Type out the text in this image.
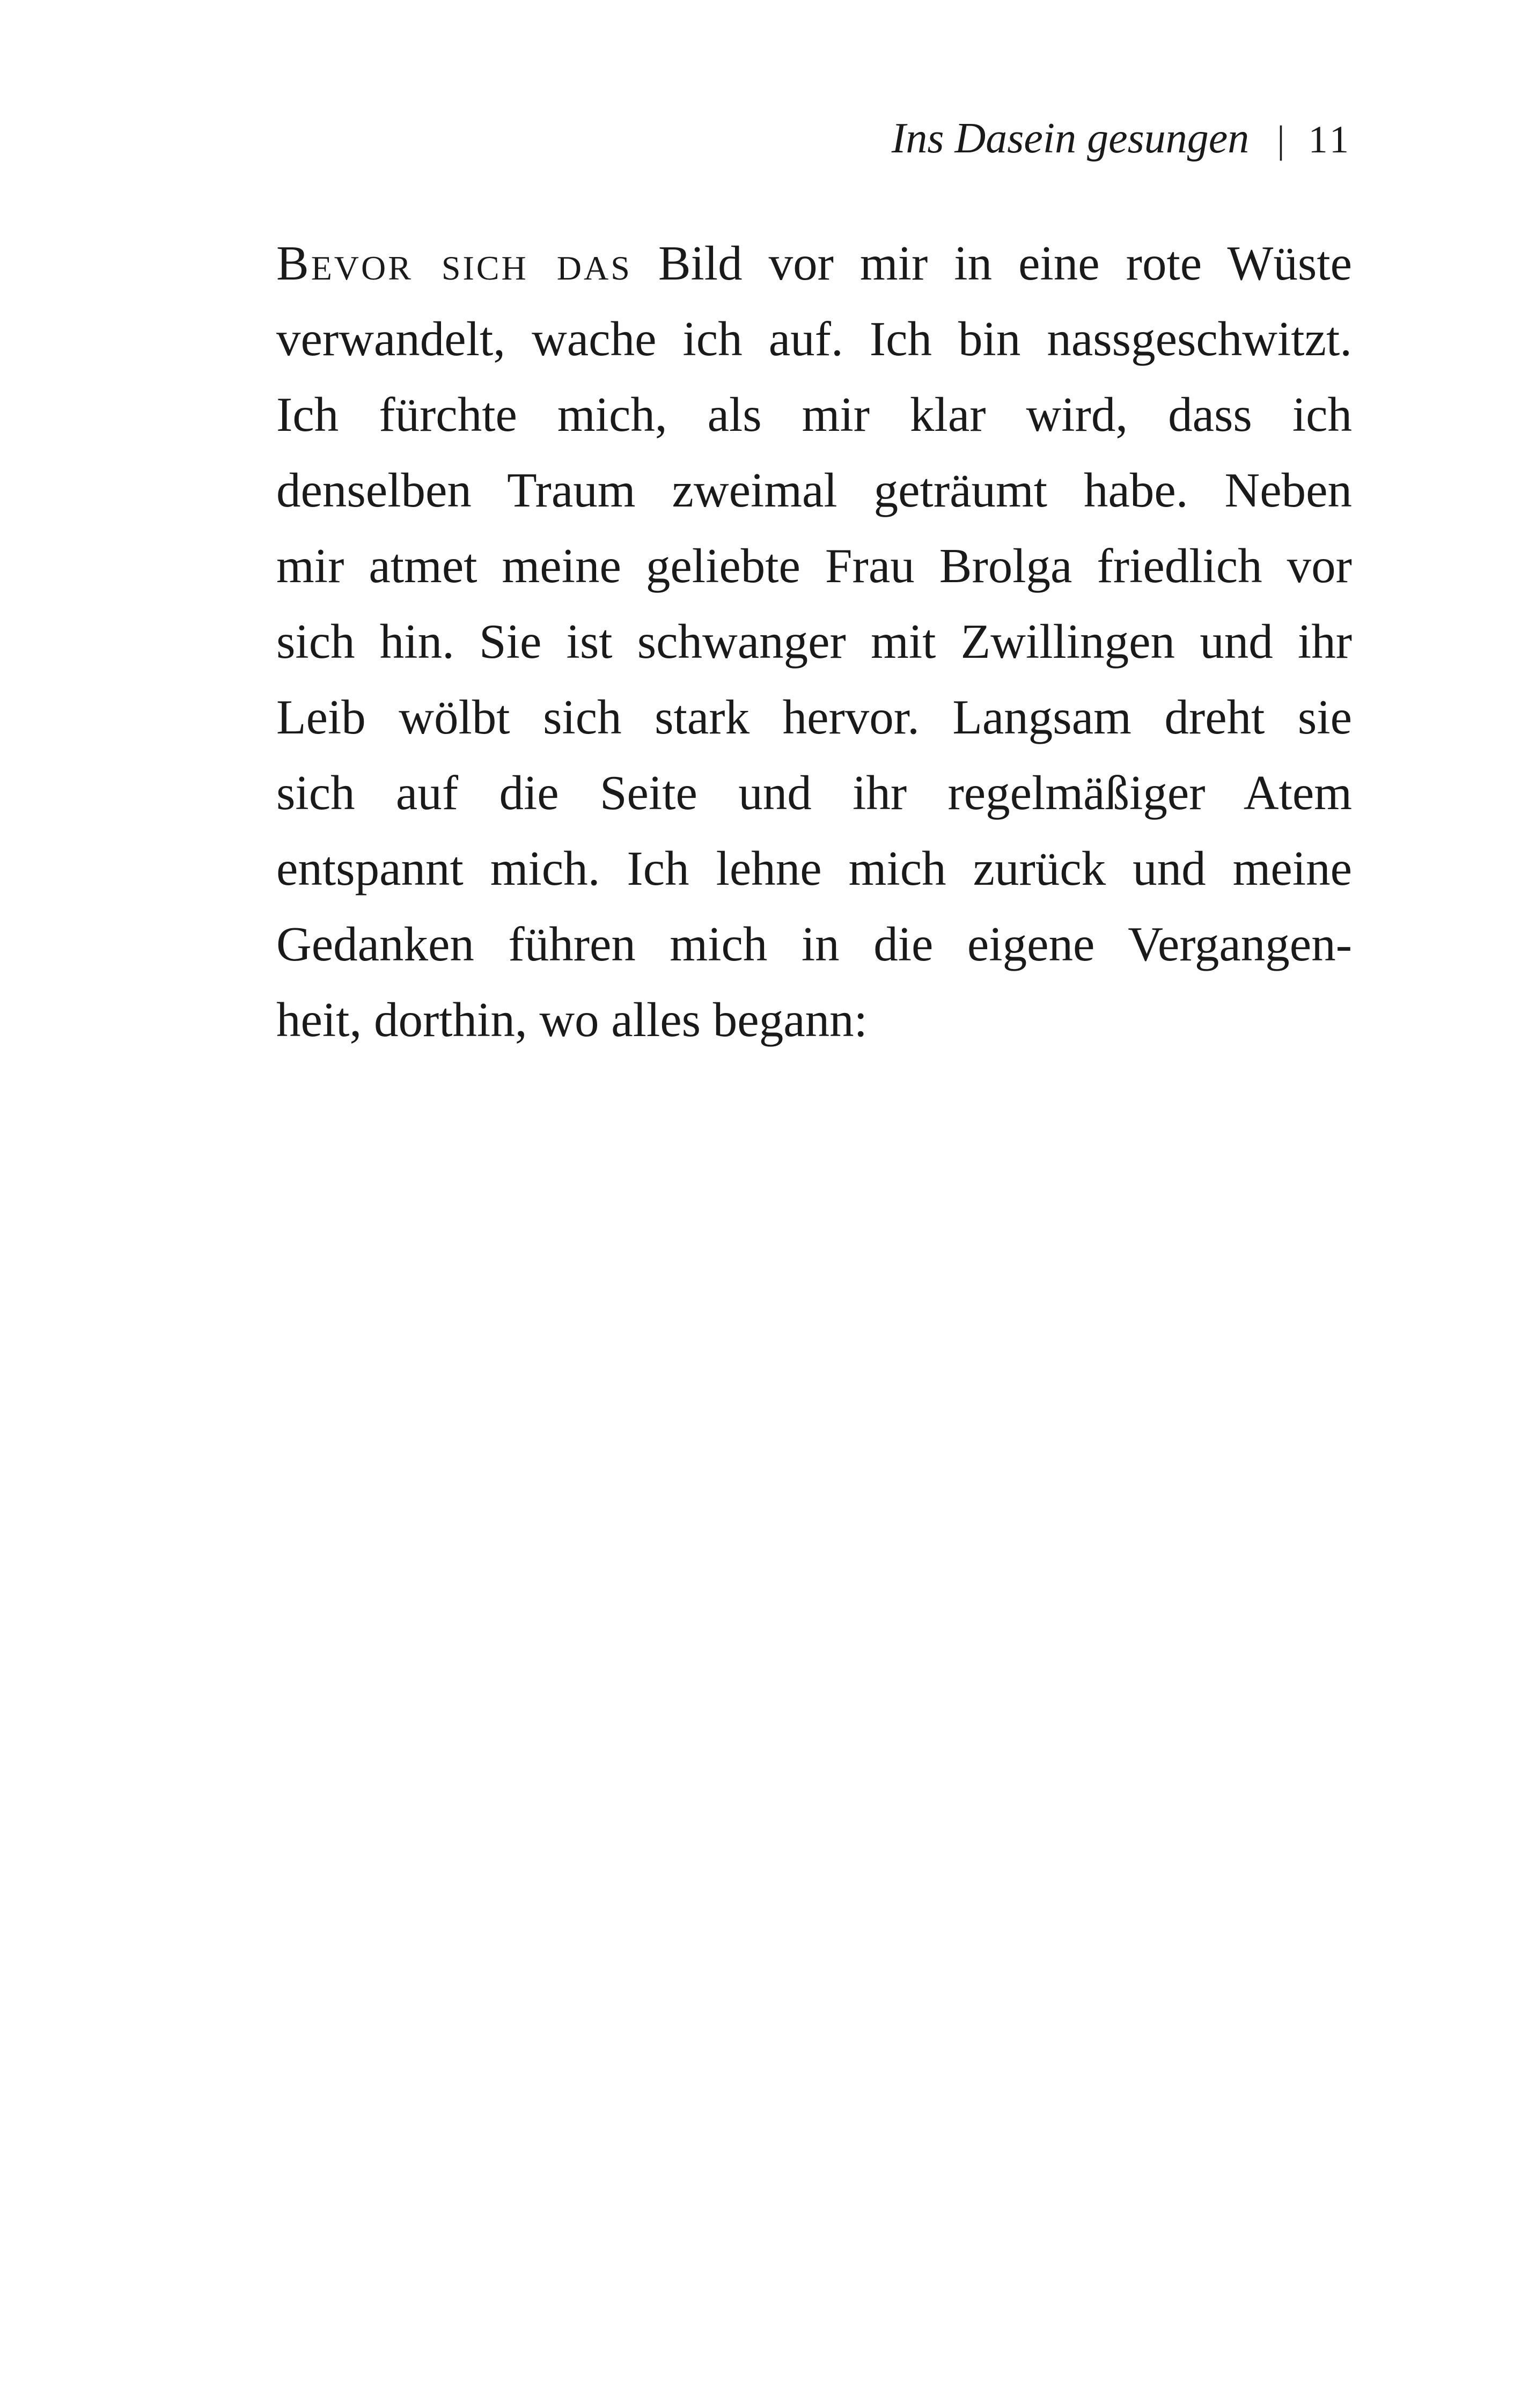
Ins Dasein gesungen | 11
Bevor sich das Bild vor mir in eine rote Wüste
verwandelt, wache ich auf. Ich bin nassgeschwitzt.
Ich fürchte mich, als mir klar wird, dass ich
denselben Traum zweimal geträumt habe. Neben
mir atmet meine geliebte Frau Brolga friedlich vor
sich hin. Sie ist schwanger mit Zwillingen und ihr
Leib wölbt sich stark hervor. Langsam dreht sie
sich auf die Seite und ihr regelmäßiger Atem
entspannt mich. Ich lehne mich zurück und meine
Gedanken führen mich in die eigene Vergangen-
heit, dorthin, wo alles begann:
